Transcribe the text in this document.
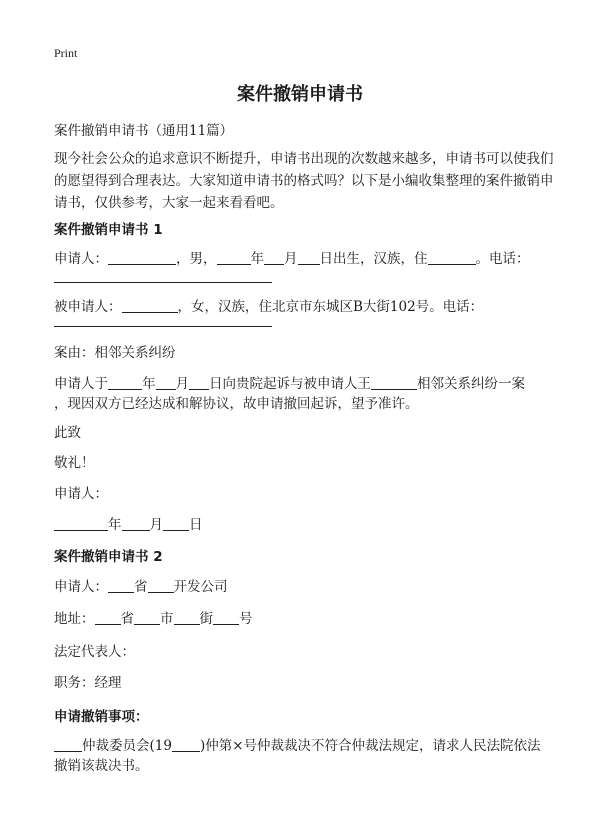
Print
案件撤销申请书
案件撤销申请书（通用11篇）
现今社会公众的追求意识不断提升，申请书出现的次数越来越多，申请书可以使我们的愿望得到合理表达。大家知道申请书的格式吗？以下是小编收集整理的案件撤销申请书，仅供参考，大家一起来看看吧。
案件撤销申请书 1
申请人：	，男，	年 月 日出生，汉族，住	。电话：
被申请人：	，女，汉族，住北京市东城区B大街102号。电话：
案由：相邻关系纠纷
申请人于	年 月 日向贵院起诉与被申请人王	相邻关系纠纷一案
，现因双方已经达成和解协议，故申请撤回起诉，望予准许。
此致
敬礼！
申请人：
年 月 日
案件撤销申请书 2
申请人： 省 开发公司
地址： 省 市 街 号
法定代表人：
职务：经理
申请撤销事项：
仲裁委员会(19 )仲第×号仲裁裁决不符合仲裁法规定，请求人民法院依法
撤销该裁决书。
